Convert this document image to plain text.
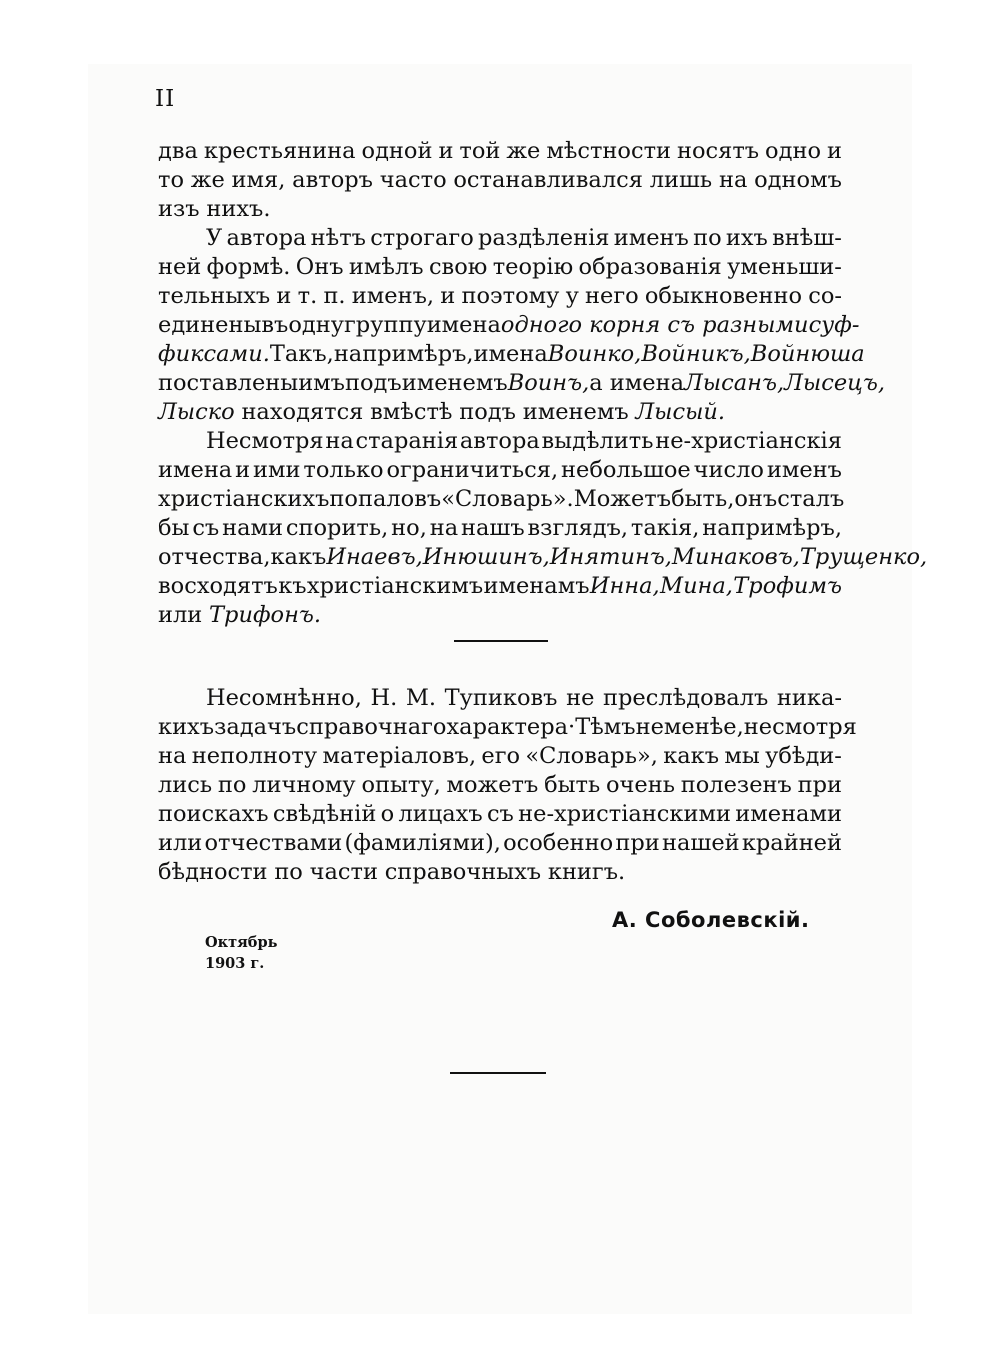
II
два крестьянина одной и той же мѣстности носятъ одно и
то же имя, авторъ часто останавливался лишь на одномъ
изъ нихъ.
У автора нѣтъ строгаго раздѣленія именъ по ихъ внѣш-
ней формѣ. Онъ имѣлъ свою теорію образованія уменьши-
тельныхъ и т. п. именъ, и поэтому у него обыкновенно со-
единены въ одну группу имена одного корня съ разными суф-
фиксами. Такъ, напримѣръ, имена Воинко, Войникъ, Войнюша
поставлены имъ подъ именемъ Воинъ, а имена Лысанъ, Лысецъ,
Лыско находятся вмѣстѣ подъ именемъ Лысый.
Несмотря на старанія автора выдѣлить не-христіанскія
имена и ими только ограничиться, небольшое число именъ
христіанскихъ попало въ «Словарь». Можетъ быть, онъ сталъ
бы съ нами спорить, но, на нашъ взглядъ, такія, напримѣръ,
отчества, какъ Инаевъ, Инюшинъ, Инятинъ, Минаковъ, Трущенко,
восходятъ къ христіанскимъ именамъ Инна, Мина, Трофимъ
или Трифонъ.
Несомнѣнно, Н. М. Тупиковъ не преслѣдовалъ ника-
кихъ задачъ справочнаго характера· Тѣмъ не менѣе, несмотря
на неполноту матеріаловъ, его «Словарь», какъ мы убѣди-
лись по личному опыту, можетъ быть очень полезенъ при
поискахъ свѣдѣній о лицахъ съ не-христіанскими именами
или отчествами (фамиліями), особенно при нашей крайней
бѣдности по части справочныхъ книгъ.
А. Соболевскій.
Октябрь
1903 г.
